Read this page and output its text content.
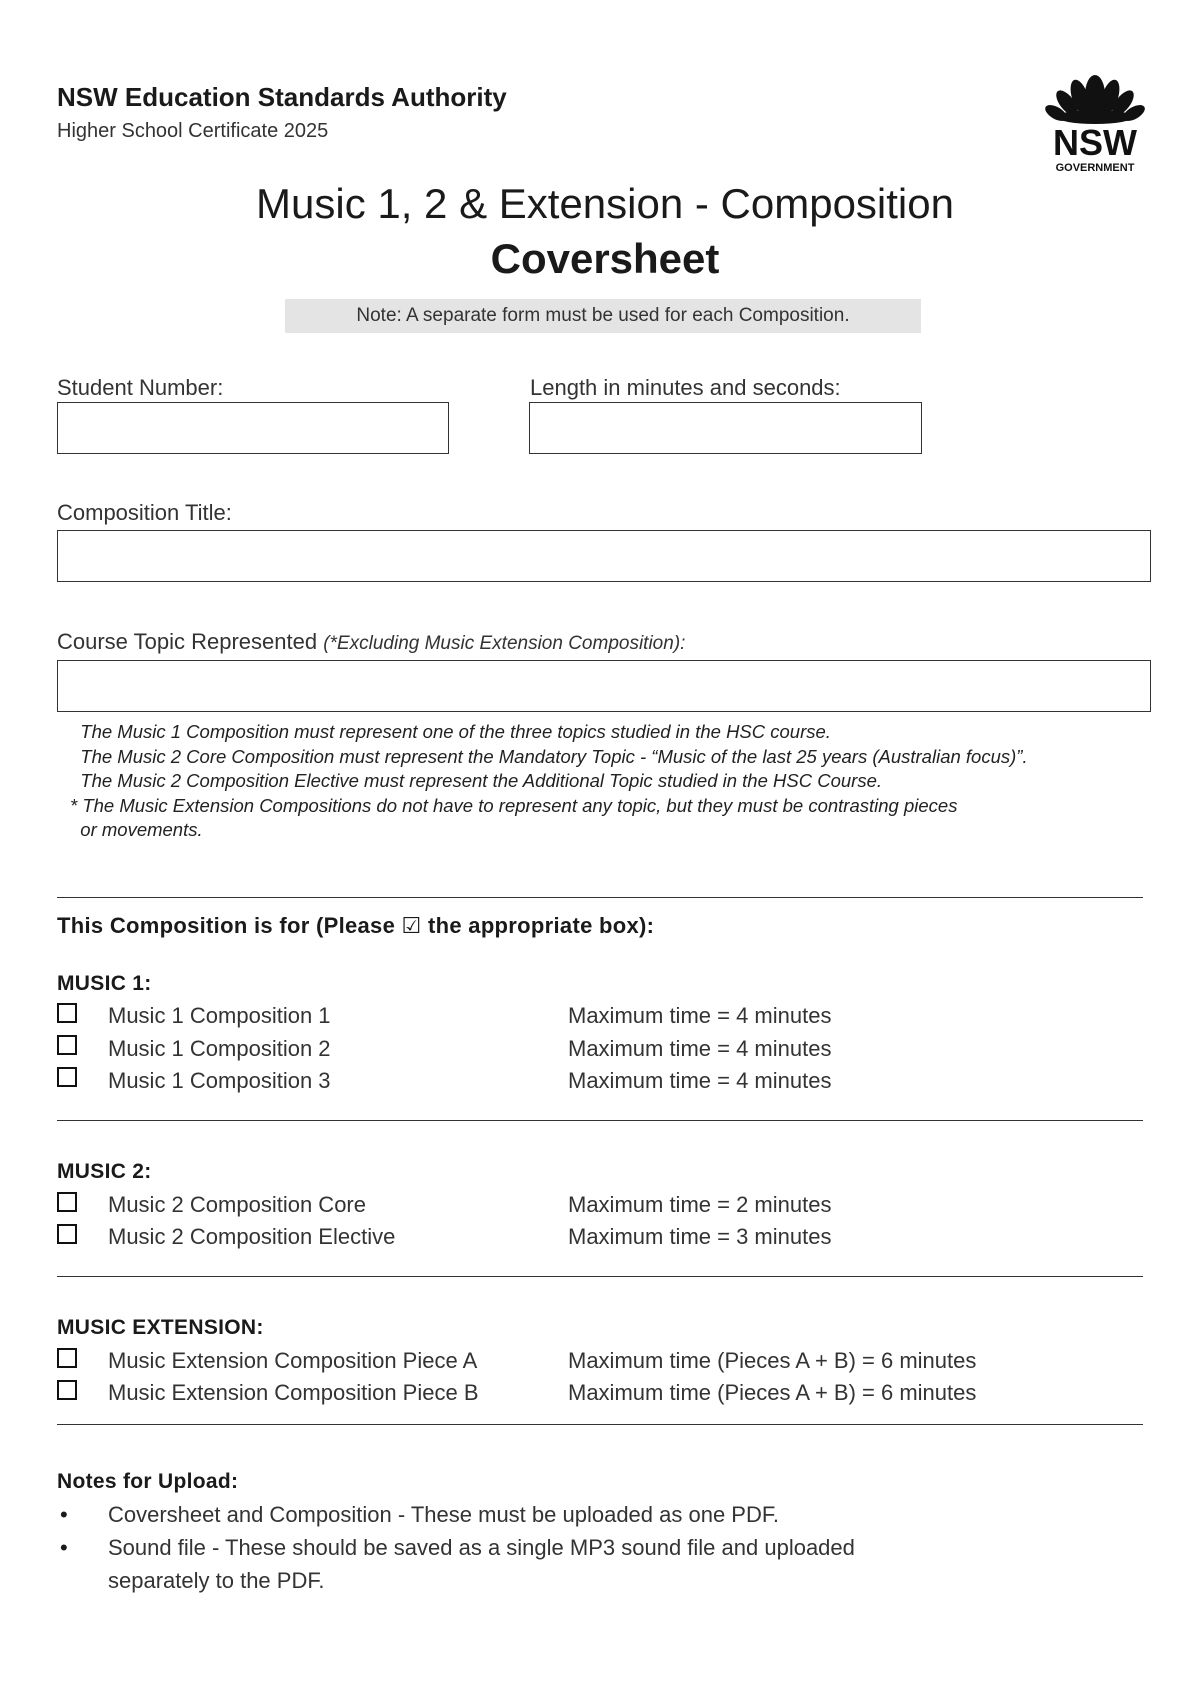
NSW Education Standards Authority
Higher School Certificate 2025	NSW
GOVERNMENT
Music 1, 2 & Extension - Composition
Coversheet
Note: A separate form must be used for each Composition.
Student Number:	Length in minutes and seconds:
Composition Title:
Course Topic Represented (*Excluding Music Extension Composition):
The Music 1 Composition must represent one of the three topics studied in the HSC course.
The Music 2 Core Composition must represent the Mandatory Topic - “Music of the last 25 years (Australian focus)”.
The Music 2 Composition Elective must represent the Additional Topic studied in the HSC Course.
* The Music Extension Compositions do not have to represent any topic, but they must be contrasting pieces
or movements.
This Composition is for (Please ☑ the appropriate box):
MUSIC 1:
Music 1 Composition 1	Maximum time = 4 minutes
Music 1 Composition 2	Maximum time = 4 minutes
Music 1 Composition 3	Maximum time = 4 minutes
MUSIC 2:
Music 2 Composition Core	Maximum time = 2 minutes
Music 2 Composition Elective	Maximum time = 3 minutes
MUSIC EXTENSION:
Music Extension Composition Piece A	Maximum time (Pieces A + B) = 6 minutes
Music Extension Composition Piece B	Maximum time (Pieces A + B) = 6 minutes
Notes for Upload:
• Coversheet and Composition - These must be uploaded as one PDF.
• Sound file - These should be saved as a single MP3 sound file and uploaded
separately to the PDF.
